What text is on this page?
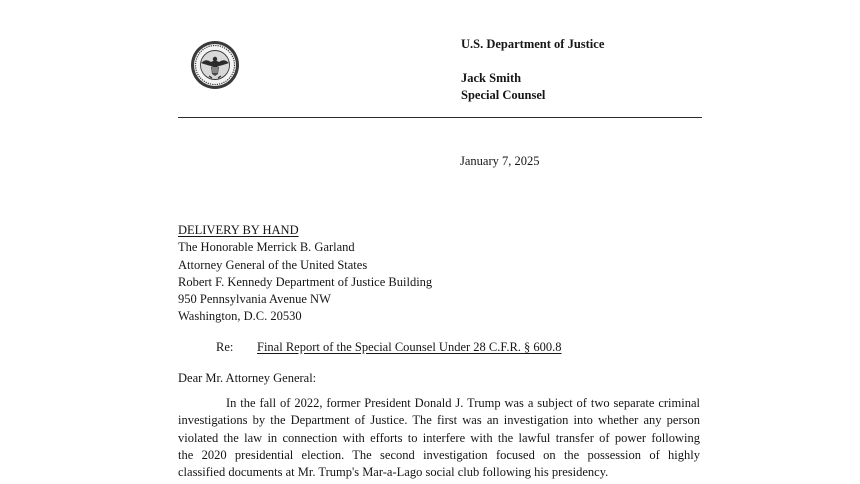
U.S. Department of Justice
Jack Smith
Special Counsel
January 7, 2025
DELIVERY BY HAND
The Honorable Merrick B. Garland
Attorney General of the United States
Robert F. Kennedy Department of Justice Building
950 Pennsylvania Avenue NW
Washington, D.C. 20530
Re: Final Report of the Special Counsel Under 28 C.F.R. § 600.8
Dear Mr. Attorney General:
In the fall of 2022, former President Donald J. Trump was a subject of two separate criminal
investigations by the Department of Justice. The first was an investigation into whether any person
violated the law in connection with efforts to interfere with the lawful transfer of power following
the 2020 presidential election. The second investigation focused on the possession of highly
classified documents at Mr. Trump's Mar-a-Lago social club following his presidency.
